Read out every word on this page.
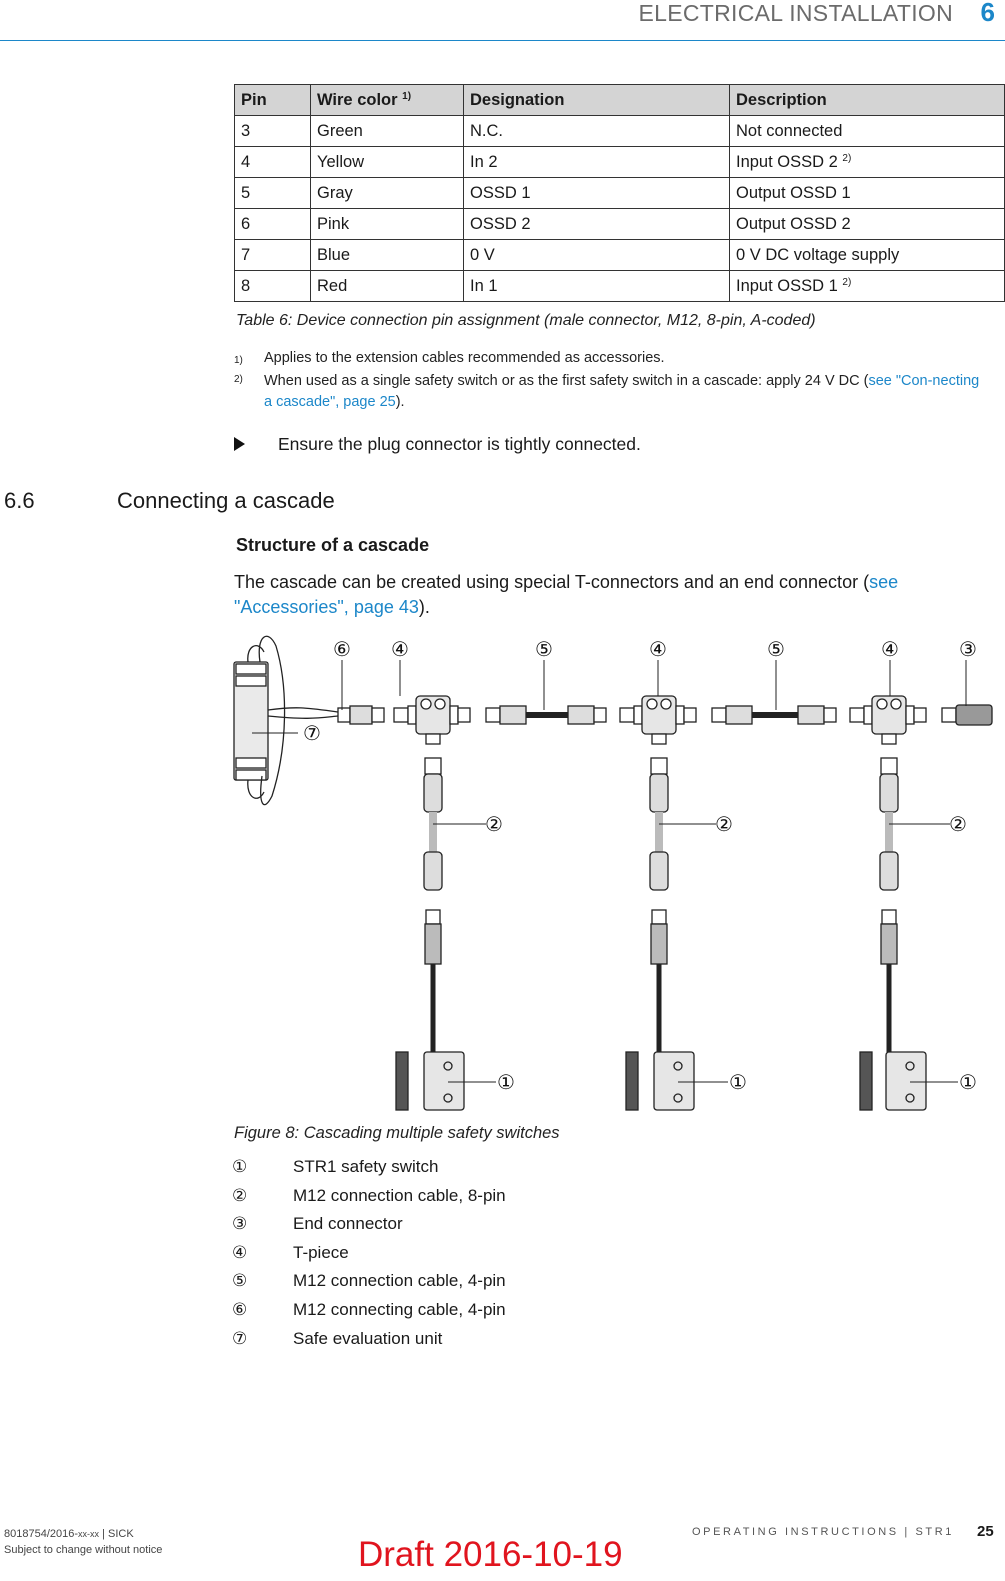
ELECTRICAL INSTALLATION 6
Pin	Wire color $^{1)}$	Designation	Description
3	Green	N.C.	Not connected
4	Yellow	In 2	Input OSSD 2 $^{2)}$
5	Gray	OSSD 1	Output OSSD 1
6	Pink	OSSD 2	Output OSSD 2
7	Blue	0 V	0 V DC voltage supply
8	Red	In 1	Input OSSD 1 $^{2)}$
Table 6: Device connection pin assignment (male connector, M12, 8-pin, A-coded)
1) Applies to the extension cables recommended as accessories.
2) When used as a single safety switch or as the first safety switch in a cascade: apply 24 V DC (see "Con-necting a cascade", page 25).
Ensure the plug connector is tightly connected.
6.6	Connecting a cascade
Structure of a cascade
The cascade can be created using special T-connectors and an end connector (see "Accessories", page 43).
⑥ ④	⑤	④	⑤	④	③
⑦
②	②	②
①	①	①
Figure 8: Cascading multiple safety switches
①	STR1 safety switch
②	M12 connection cable, 8-pin
③	End connector
④	T-piece
⑤	M12 connection cable, 4-pin
⑥	M12 connecting cable, 4-pin
⑦	Safe evaluation unit
8018754/2016-xx-xx | SICK
Subject to change without notice
OPERATING INSTRUCTIONS | STR1 25
Draft 2016-10-19
